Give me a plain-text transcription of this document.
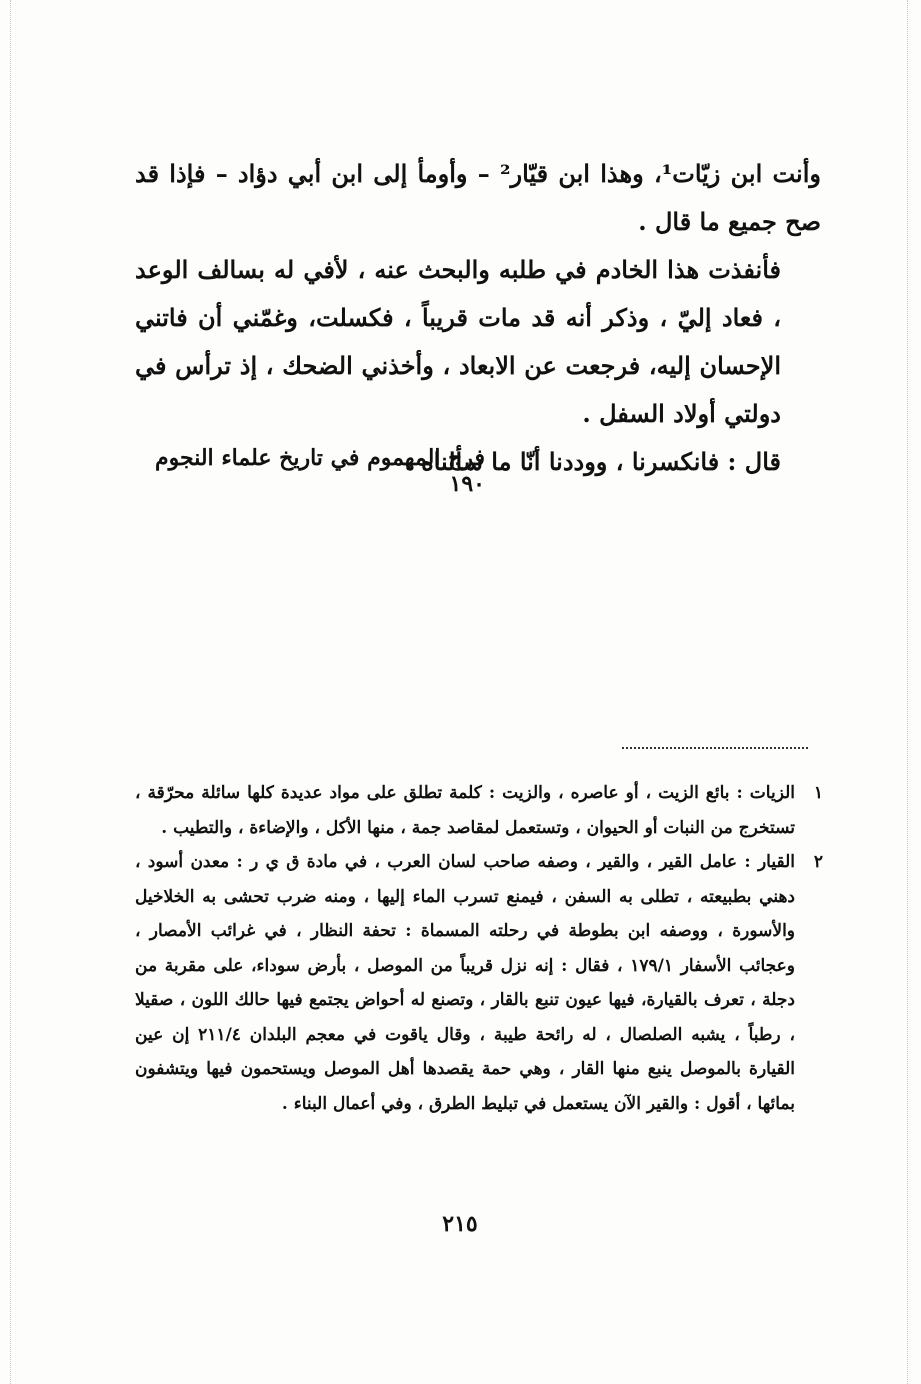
وأنت ابن زيّات¹، وهذا ابن قيّار² – وأومأ إلى ابن أبي دؤاد – فإذا قد صح جميع ما قال .

فأنفذت هذا الخادم في طلبه والبحث عنه ، لأفي له بسالف الوعد ، فعاد إليّ ، وذكر أنه قد مات قريباً ، فكسلت، وغمّني أن فاتني الإحسان إليه، فرجعت عن الابعاد ، وأخذني الضحك ، إذ ترأس في دولتي أولاد السفل .

قال : فانكسرنا ، ووددنا أنّا ما سألناه .

فرج المهموم في تاريخ علماء النجوم ١٩٠
١
الزيات : بائع الزيت ، أو عاصره ، والزيت : كلمة تطلق على مواد عديدة كلها سائلة محرّقة ، تستخرج من النبات أو الحيوان ، وتستعمل لمقاصد جمة ، منها الأكل ، والإضاءة ، والتطيب .
٢
القيار : عامل القير ، والقير ، وصفه صاحب لسان العرب ، في مادة ق ي ر : معدن أسود ، دهني بطبيعته ، تطلى به السفن ، فيمنع تسرب الماء إليها ، ومنه ضرب تحشى به الخلاخيل والأسورة ، ووصفه ابن بطوطة في رحلته المسماة : تحفة النظار ، في غرائب الأمصار ، وعجائب الأسفار ١٧٩/١ ، فقال : إنه نزل قريباً من الموصل ، بأرض سوداء، على مقربة من دجلة ، تعرف بالقيارة، فيها عيون تنبع بالقار ، وتصنع له أحواض يجتمع فيها حالك اللون ، صقيلا ، رطباً ، يشبه الصلصال ، له رائحة طيبة ، وقال ياقوت في معجم البلدان ٢١١/٤ إن عين القيارة بالموصل ينبع منها القار ، وهي حمة يقصدها أهل الموصل ويستحمون فيها ويتشفون بمائها ، أقول : والقير الآن يستعمل في تبليط الطرق ، وفي أعمال البناء .
٢١٥
